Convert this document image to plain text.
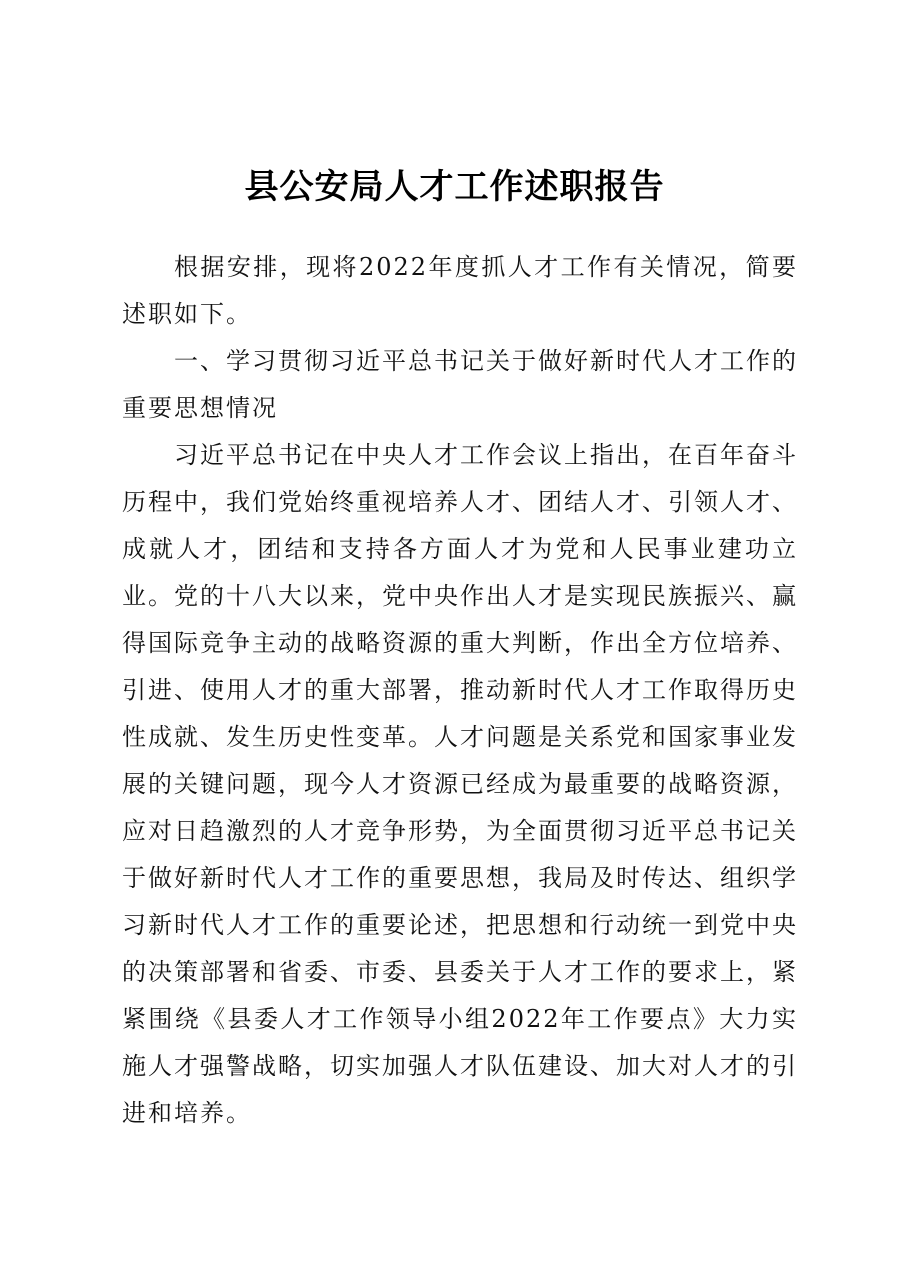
县公安局人才工作述职报告

根据安排，现将2022年度抓人才工作有关情况，简要述职如下。

一、学习贯彻习近平总书记关于做好新时代人才工作的重要思想情况

习近平总书记在中央人才工作会议上指出，在百年奋斗历程中，我们党始终重视培养人才、团结人才、引领人才、成就人才，团结和支持各方面人才为党和人民事业建功立业。党的十八大以来，党中央作出人才是实现民族振兴、赢得国际竞争主动的战略资源的重大判断，作出全方位培养、引进、使用人才的重大部署，推动新时代人才工作取得历史性成就、发生历史性变革。人才问题是关系党和国家事业发展的关键问题，现今人才资源已经成为最重要的战略资源，应对日趋激烈的人才竞争形势，为全面贯彻习近平总书记关于做好新时代人才工作的重要思想，我局及时传达、组织学习新时代人才工作的重要论述，把思想和行动统一到党中央的决策部署和省委、市委、县委关于人才工作的要求上，紧紧围绕《县委人才工作领导小组2022年工作要点》大力实施人才强警战略，切实加强人才队伍建设、加大对人才的引进和培养。
